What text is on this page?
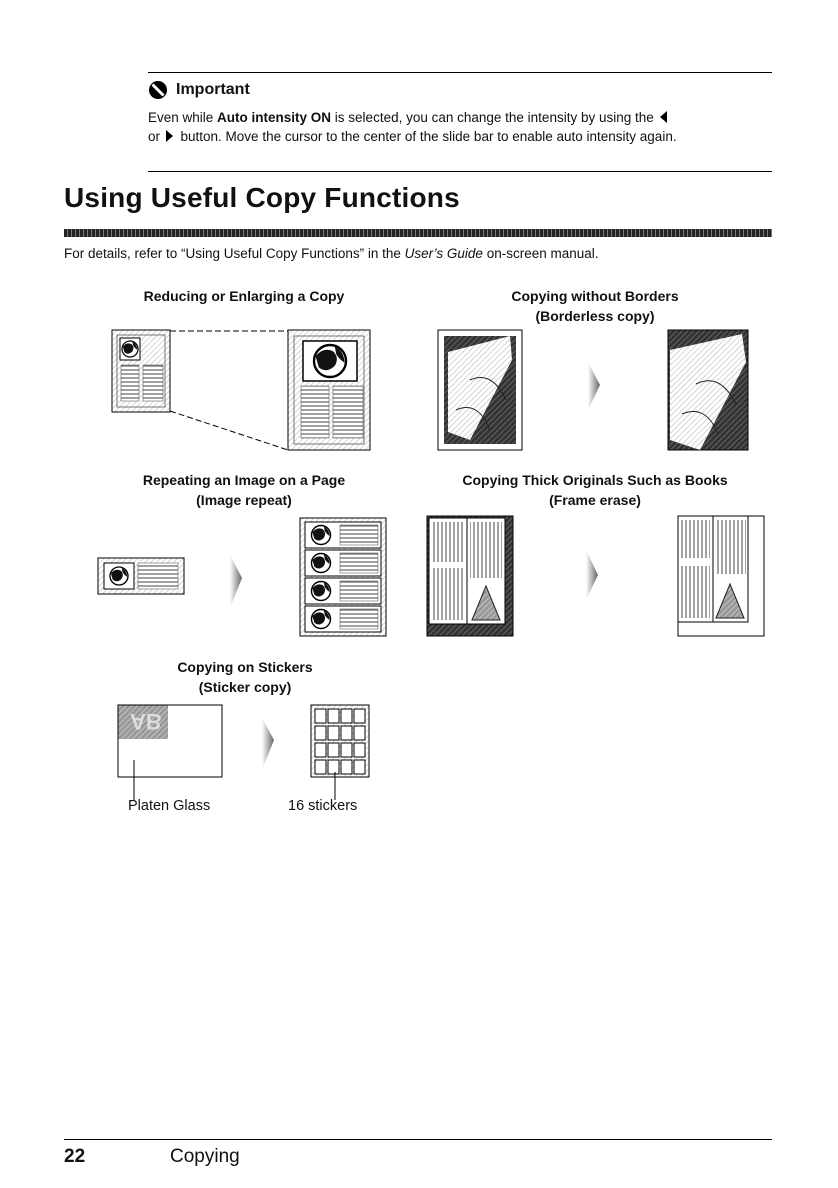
Important
Even while Auto intensity ON is selected, you can change the intensity by using the
or  button. Move the cursor to the center of the slide bar to enable auto intensity again.
Using Useful Copy Functions
For details, refer to “Using Useful Copy Functions” in the User’s Guide on-screen manual.
Reducing or Enlarging a Copy	Copying without Borders
(Borderless copy)
Repeating an Image on a Page
(Image repeat)
Copying Thick Originals Such as Books
(Frame erase)
Copying on Stickers
(Sticker copy)
AB
Platen Glass	16 stickers
22	Copying
